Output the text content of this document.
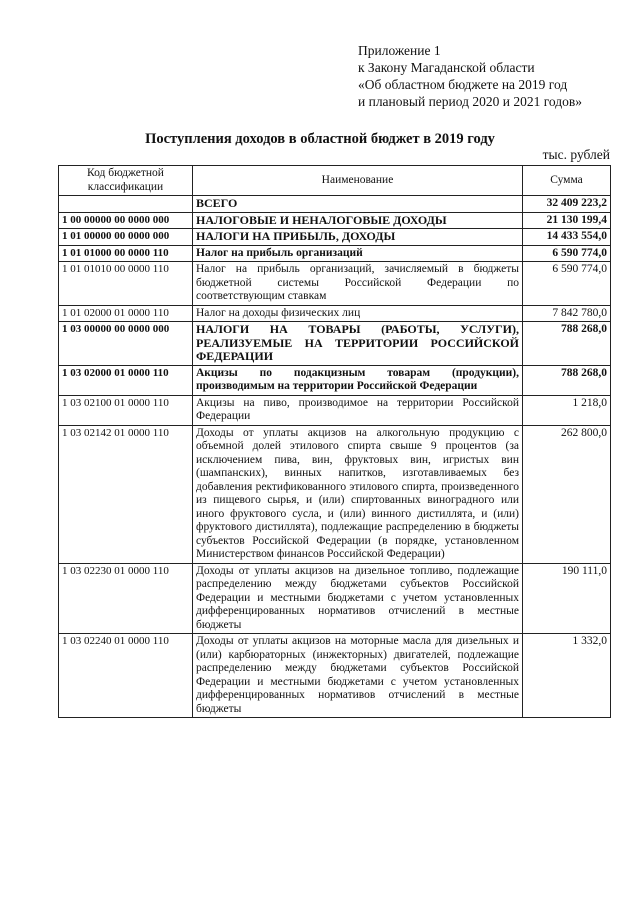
Приложение 1
к Закону Магаданской области
«Об областном бюджете на 2019 год
и плановый период 2020 и 2021 годов»
Поступления доходов в областной бюджет в 2019 году
тыс. рублей
Код бюджетной классификации	Наименование	Сумма
	ВСЕГО	32 409 223,2
1 00 00000 00 0000 000	НАЛОГОВЫЕ И НЕНАЛОГОВЫЕ ДОХОДЫ	21 130 199,4
1 01 00000 00 0000 000	НАЛОГИ НА ПРИБЫЛЬ, ДОХОДЫ	14 433 554,0
1 01 01000 00 0000 110	Налог на прибыль организаций	6 590 774,0
1 01 01010 00 0000 110	Налог на прибыль организаций, зачисляемый в бюджеты бюджетной системы Российской Федерации по соответствующим ставкам	6 590 774,0
1 01 02000 01 0000 110	Налог на доходы физических лиц	7 842 780,0
1 03 00000 00 0000 000	НАЛОГИ НА ТОВАРЫ (РАБОТЫ, УСЛУГИ), РЕАЛИЗУЕМЫЕ НА ТЕРРИТОРИИ РОССИЙСКОЙ ФЕДЕРАЦИИ	788 268,0
1 03 02000 01 0000 110	Акцизы по подакцизным товарам (продукции), производимым на территории Российской Федерации	788 268,0
1 03 02100 01 0000 110	Акцизы на пиво, производимое на территории Российской Федерации	1 218,0
1 03 02142 01 0000 110	Доходы от уплаты акцизов на алкогольную продукцию с объемной долей этилового спирта свыше 9 процентов (за исключением пива, вин, фруктовых вин, игристых вин (шампанских), винных напитков, изготавливаемых без добавления ректификованного этилового спирта, произведенного из пищевого сырья, и (или) спиртованных виноградного или иного фруктового сусла, и (или) винного дистиллята, и (или) фруктового дистиллята), подлежащие распределению в бюджеты субъектов Российской Федерации (в порядке, установленном Министерством финансов Российской Федерации)	262 800,0
1 03 02230 01 0000 110	Доходы от уплаты акцизов на дизельное топливо, подлежащие распределению между бюджетами субъектов Российской Федерации и местными бюджетами с учетом установленных дифференцированных нормативов отчислений в местные бюджеты	190 111,0
1 03 02240 01 0000 110	Доходы от уплаты акцизов на моторные масла для дизельных и (или) карбюраторных (инжекторных) двигателей, подлежащие распределению между бюджетами субъектов Российской Федерации и местными бюджетами с учетом установленных дифференцированных нормативов отчислений в местные бюджеты	1 332,0
